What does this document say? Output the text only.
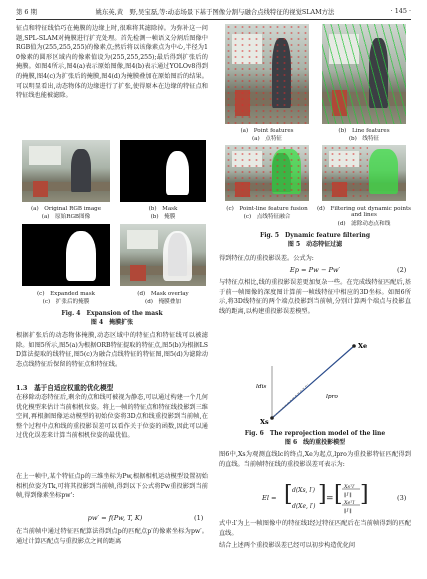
第 6 期	姚东英,黄　野,吴宝磊,等:动态场景下基于图像分割与融合点线特征的视觉SLAM方法	· 145 ·
征点和特征线恰巧在掩膜的边缘上时,很难将其滤除掉。为弥补这一问题,SPL-SLAM对掩膜进行扩充处理。首先检测一帧语义分割后图像中RGB值为(255,255,255)的像素点;然后将以该像素点为中心,半径为10像素的圆形区域内的像素值设为(255,255,255);最后得到扩张后的掩膜。如图4所示,图4(a)表示原始图像,图4(b)表示通过YOLOv8得到的掩膜,图4(c)为扩张后的掩膜,图4(d)为掩膜叠加在原始图后的结果。可以明显看出,动态物体的边缘进行了扩张,使得原本在边缘的特征点和特征线也能被滤除。
(a)　Original RGB image
(a)　原始RGB图像
(b)　Mask
(b)　掩膜
(c)　Expanded mask
(c)　扩张后的掩膜
(d)　Mask overlay
(d)　掩膜叠加
Fig. 4　Expansion of the mask
图 4　掩膜扩张
根据扩张后的动态物体掩膜,动态区域中的特征点和特征线可以被滤除。如图5所示,图5(a)为根据ORB特征提取的特征点,图5(b)为根据LSD算法提取的线特征,图5(c)为融合点线特征的特征图,图5(d)为滤除动态点线特征后保留的特征点和特征线。
1.3　基于自适应权重的优化模型
在移除动态特征后,剩余的点和线可被视为静态,可以通过构建一个几何优化模型来估计当前相机位姿。将上一帧的特征点和特征线投影到三维空间,再根据图像运动模型的初始位姿将3D点和线重投影到当前帧,在整个过程中点和线的重投影误差可以看作关于位姿的函数,因此可以通过优化误差来计算当前相机位姿的最优值。
在上一帧中,某个特征点p的三维坐标为Pw,根据相机运动模型设置初始相机位姿为Tk,可将其投影到当前帧,得到以下公式将Pw重投影到当前帧,得到像素坐标pw':
pw′ = f(Pw, T, K)	(1)
在当前帧中通过特征匹配算法得到点p的匹配点p′的像素坐标为pw′。通过计算匹配点与重投影点之间的距离
(a)　Point features
(a)　点特征
(b)　Line features
(b)　线特征
(c)　Point-line feature fusion
(c)　点线特征融合
(d)　Filtering out dynamic points and lines
(d)　滤除动态点和线
Fig. 5　Dynamic feature filtering
图 5　动态特征过滤
得到特征点的重投影误差。公式为:
Ep = Pw − Pw′	(2)
与特征点相比,线的重投影误差更加复杂一些。在完成线特征匹配后,基于前一帧图像的深度图计算前一帧线特征中相应的3D坐标。如图6所示,将3D线特征的两个端点投影到当前帧,分别计算两个端点与投影直线的距离,以构建重投影误差模型。
Xs
Xe
ldis
lpro
Fig. 6　The reprojection model of the line
图 6　线的重投影模型
图6中,Xs为观测直线lc的终点,Xe为起点,lpro为重投影特征匹配得到的直线。当前帧特征线的重投影误差可表示为:
El = [ d(Xs, l′)
d(Xe, l′) ] = [ Xsᵀl′
‖l′‖
Xeᵀl′
‖l′‖
]	(3)
式中:l′为上一帧图像中的特征线l经过特征匹配后在当前帧得到的匹配直线。
结合上述两个重投影误差已经可以初步构造优化问
